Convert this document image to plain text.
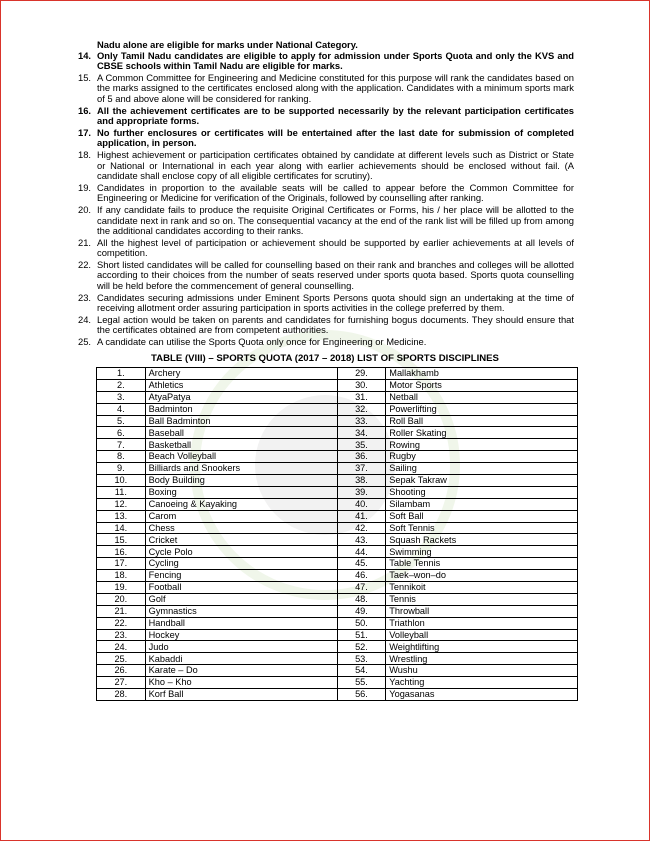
Nadu alone are eligible for marks under National Category.
14. Only Tamil Nadu candidates are eligible to apply for admission under Sports Quota and only the KVS and CBSE schools within Tamil Nadu are eligible for marks.
15. A Common Committee for Engineering and Medicine constituted for this purpose will rank the candidates based on the marks assigned to the certificates enclosed along with the application. Candidates with a minimum sports mark of 5 and above alone will be considered for ranking.
16. All the achievement certificates are to be supported necessarily by the relevant participation certificates and appropriate forms.
17. No further enclosures or certificates will be entertained after the last date for submission of completed application, in person.
18. Highest achievement or participation certificates obtained by candidate at different levels such as District or State or National or International in each year along with earlier achievements should be enclosed without fail. (A candidate shall enclose copy of all eligible certificates for scrutiny).
19. Candidates in proportion to the available seats will be called to appear before the Common Committee for Engineering or Medicine for verification of the Originals, followed by counselling after ranking.
20. If any candidate fails to produce the requisite Original Certificates or Forms, his / her place will be allotted to the candidate next in rank and so on. The consequential vacancy at the end of the rank list will be filled up from among the additional candidates according to their ranks.
21. All the highest level of participation or achievement should be supported by earlier achievements at all levels of competition.
22. Short listed candidates will be called for counselling based on their rank and branches and colleges will be allotted according to their choices from the number of seats reserved under sports quota based. Sports quota counselling will be held before the commencement of general counselling.
23. Candidates securing admissions under Eminent Sports Persons quota should sign an undertaking at the time of receiving allotment order assuring participation in sports activities in the college preferred by them.
24. Legal action would be taken on parents and candidates for furnishing bogus documents. They should ensure that the certificates obtained are from competent authorities.
25. A candidate can utilise the Sports Quota only once for Engineering or Medicine.
TABLE (VIII) – SPORTS QUOTA (2017 – 2018) LIST OF SPORTS DISCIPLINES
1.	Archery	29.	Mallakhamb
2.	Athletics	30.	Motor Sports
3.	AtyaPatya	31.	Netball
4.	Badminton	32.	Powerlifting
5.	Ball Badminton	33.	Roll Ball
6.	Baseball	34.	Roller Skating
7.	Basketball	35.	Rowing
8.	Beach Volleyball	36.	Rugby
9.	Billiards and Snookers	37.	Sailing
10.	Body Building	38.	Sepak Takraw
11.	Boxing	39.	Shooting
12.	Canoeing & Kayaking	40.	Silambam
13.	Carom	41.	Soft Ball
14.	Chess	42.	Soft Tennis
15.	Cricket	43.	Squash Rackets
16.	Cycle Polo	44.	Swimming
17.	Cycling	45.	Table Tennis
18.	Fencing	46.	Taek–won–do
19.	Football	47.	Tennikoit
20.	Golf	48.	Tennis
21.	Gymnastics	49.	Throwball
22.	Handball	50.	Triathlon
23.	Hockey	51.	Volleyball
24.	Judo	52.	Weightlifting
25.	Kabaddi	53.	Wrestling
26.	Karate – Do	54.	Wushu
27.	Kho – Kho	55.	Yachting
28.	Korf Ball	56.	Yogasanas
